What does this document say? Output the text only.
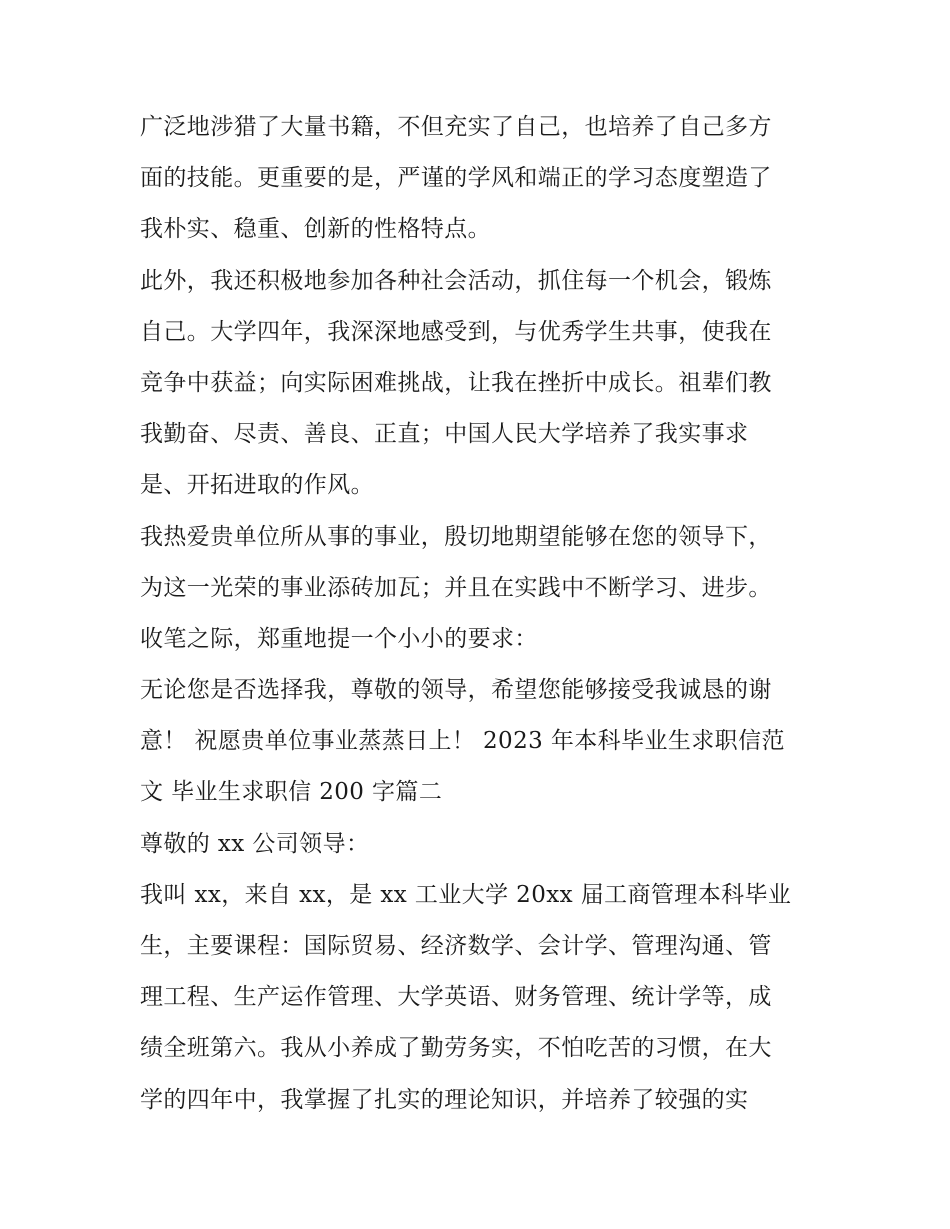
广泛地涉猎了大量书籍，不但充实了自己，也培养了自己多方
面的技能。更重要的是，严谨的学风和端正的学习态度塑造了
我朴实、稳重、创新的性格特点。
此外，我还积极地参加各种社会活动，抓住每一个机会，锻炼
自己。大学四年，我深深地感受到，与优秀学生共事，使我在
竞争中获益；向实际困难挑战，让我在挫折中成长。祖辈们教
我勤奋、尽责、善良、正直；中国人民大学培养了我实事求
是、开拓进取的作风。
我热爱贵单位所从事的事业，殷切地期望能够在您的领导下，
为这一光荣的事业添砖加瓦；并且在实践中不断学习、进步。
收笔之际，郑重地提一个小小的要求：
无论您是否选择我，尊敬的领导，希望您能够接受我诚恳的谢
意！ 祝愿贵单位事业蒸蒸日上！ 2023 年本科毕业生求职信范
文 毕业生求职信 200 字篇二
尊敬的 xx 公司领导：
我叫 xx，来自 xx，是 xx 工业大学 20xx 届工商管理本科毕业
生，主要课程：国际贸易、经济数学、会计学、管理沟通、管
理工程、生产运作管理、大学英语、财务管理、统计学等，成
绩全班第六。我从小养成了勤劳务实，不怕吃苦的习惯，在大
学的四年中，我掌握了扎实的理论知识，并培养了较强的实
